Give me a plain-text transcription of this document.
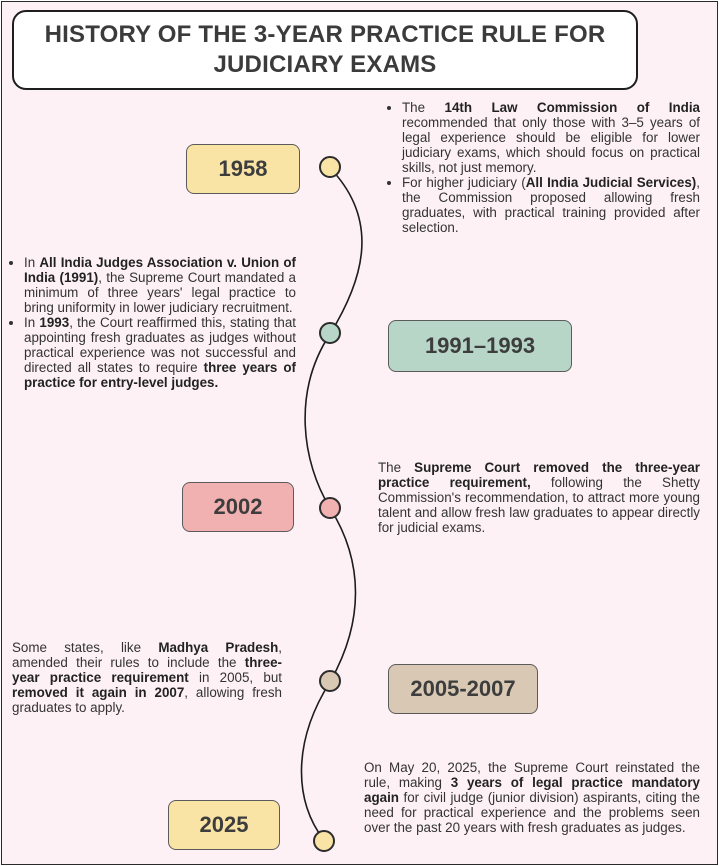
HISTORY OF THE 3-YEAR PRACTICE RULE FOR JUDICIARY EXAMS
1958
1991–1993
2002
2005-2007
2025
• The 14th Law Commission of India recommended that only those with 3–5 years of legal experience should be eligible for lower judiciary exams, which should focus on practical skills, not just memory.
• For higher judiciary (All India Judicial Services), the Commission proposed allowing fresh graduates, with practical training provided after selection.
• In All India Judges Association v. Union of India (1991), the Supreme Court mandated a minimum of three years' legal practice to bring uniformity in lower judiciary recruitment.
• In 1993, the Court reaffirmed this, stating that appointing fresh graduates as judges without practical experience was not successful and directed all states to require three years of practice for entry-level judges.

The Supreme Court removed the three-year practice requirement, following the Shetty Commission's recommendation, to attract more young talent and allow fresh law graduates to appear directly for judicial exams.

Some states, like Madhya Pradesh, amended their rules to include the three-year practice requirement in 2005, but removed it again in 2007, allowing fresh graduates to apply.

On May 20, 2025, the Supreme Court reinstated the rule, making 3 years of legal practice mandatory again for civil judge (junior division) aspirants, citing the need for practical experience and the problems seen over the past 20 years with fresh graduates as judges.
